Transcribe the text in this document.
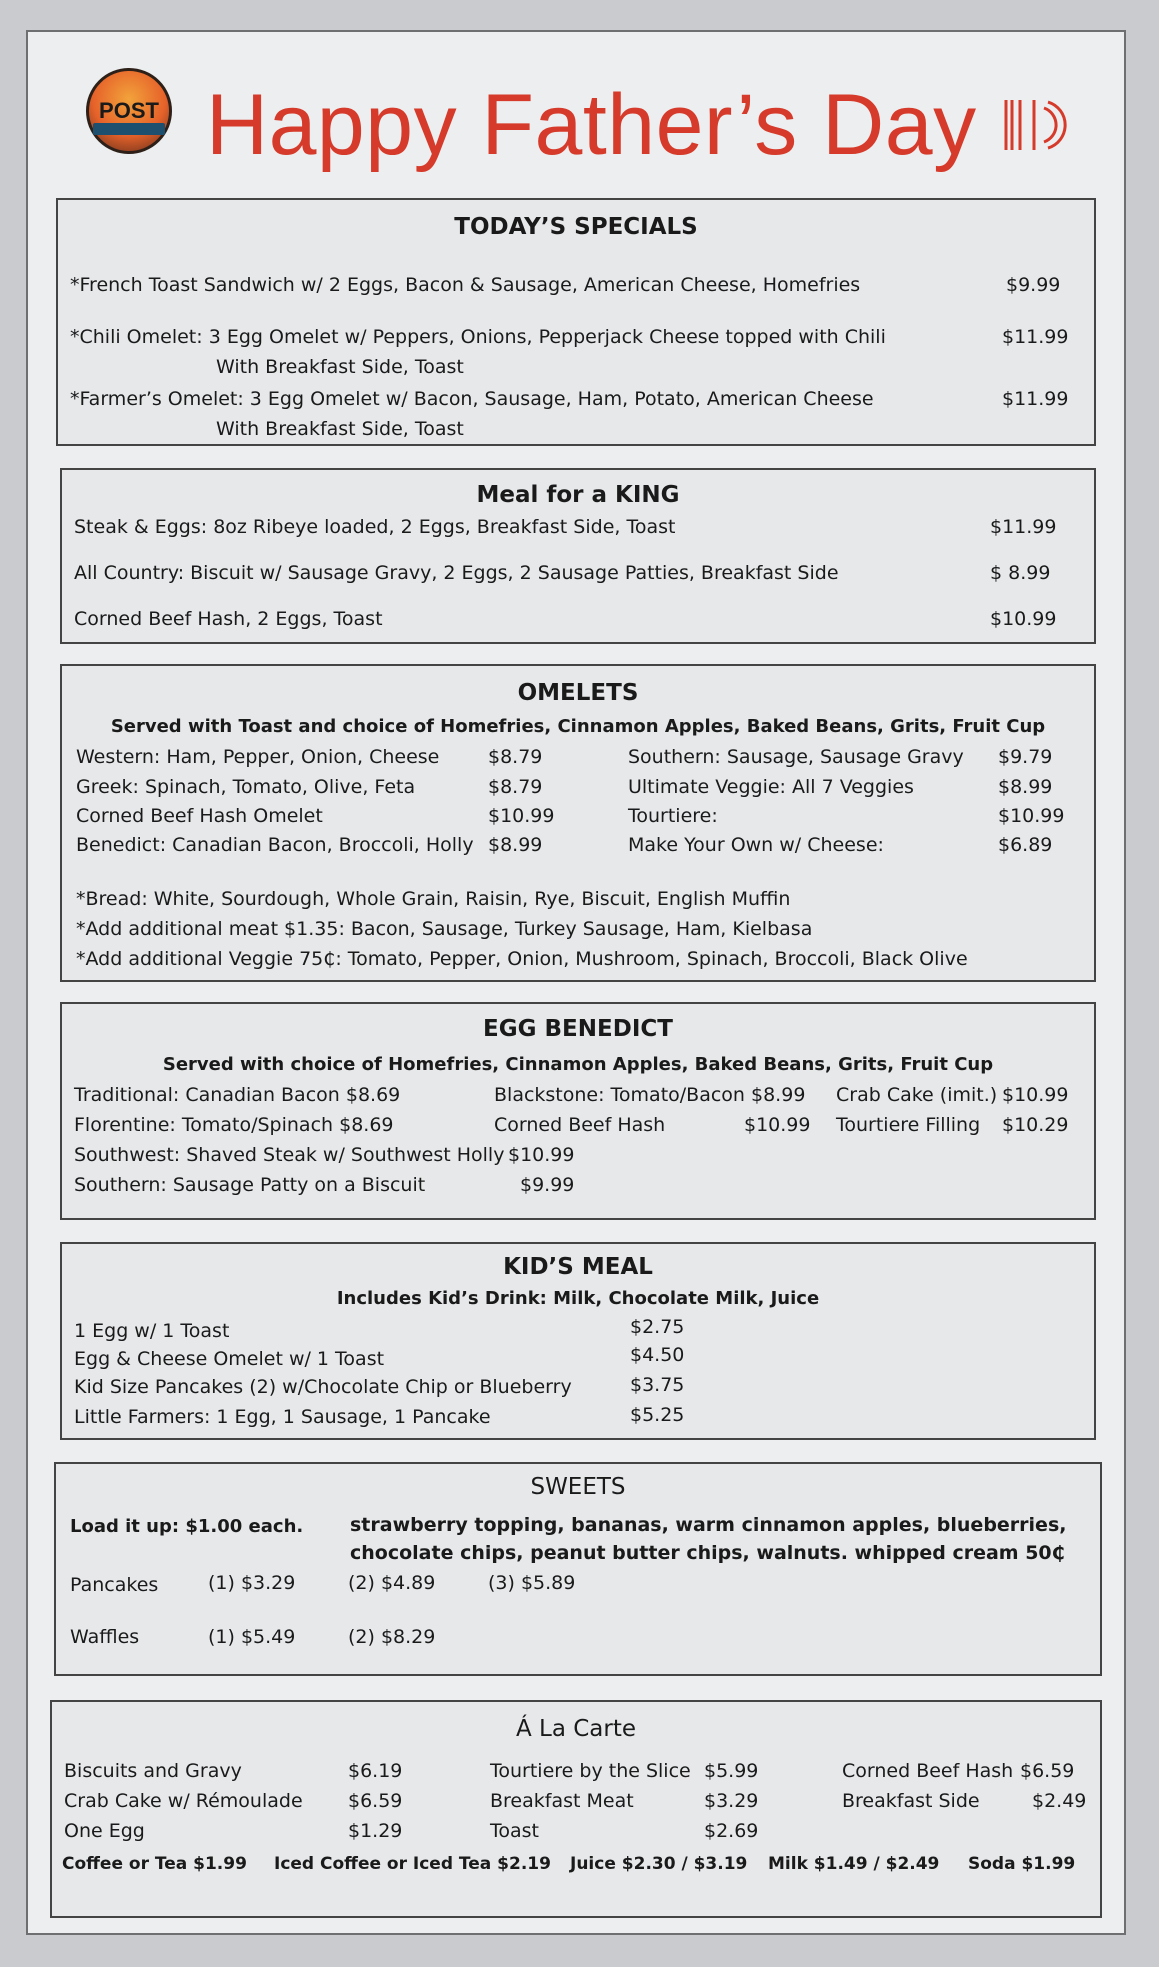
POST Happy Father’s Day
TODAY’S SPECIALS
*French Toast Sandwich w/ 2 Eggs, Bacon & Sausage, American Cheese, Homefries	$9.99
*Chili Omelet: 3 Egg Omelet w/ Peppers, Onions, Pepperjack Cheese topped with Chili	$11.99
With Breakfast Side, Toast
*Farmer’s Omelet: 3 Egg Omelet w/ Bacon, Sausage, Ham, Potato, American Cheese	$11.99
With Breakfast Side, Toast
Meal for a KING
Steak & Eggs: 8oz Ribeye loaded, 2 Eggs, Breakfast Side, Toast	$11.99
All Country: Biscuit w/ Sausage Gravy, 2 Eggs, 2 Sausage Patties, Breakfast Side	$ 8.99
Corned Beef Hash, 2 Eggs, Toast	$10.99
OMELETS
Served with Toast and choice of Homefries, Cinnamon Apples, Baked Beans, Grits, Fruit Cup
Western: Ham, Pepper, Onion, Cheese	$8.79
Greek: Spinach, Tomato, Olive, Feta	$8.79
Corned Beef Hash Omelet	$10.99
Benedict: Canadian Bacon, Broccoli, Holly $8.99
Southern: Sausage, Sausage Gravy $9.79
Ultimate Veggie: All 7 Veggies	$8.99
Tourtiere:	$10.99
Make Your Own w/ Cheese:	$6.89
*Bread: White, Sourdough, Whole Grain, Raisin, Rye, Biscuit, English Muffin
*Add additional meat $1.35: Bacon, Sausage, Turkey Sausage, Ham, Kielbasa
*Add additional Veggie 75₵: Tomato, Pepper, Onion, Mushroom, Spinach, Broccoli, Black Olive
EGG BENEDICT
Served with choice of Homefries, Cinnamon Apples, Baked Beans, Grits, Fruit Cup
Traditional: Canadian Bacon $8.69
Florentine: Tomato/Spinach $8.69
Southwest: Shaved Steak w/ Southwest Holly $10.99
Southern: Sausage Patty on a Biscuit	$9.99
Blackstone: Tomato/Bacon $8.99
Corned Beef Hash	$10.99
Crab Cake (imit.) $10.99
Tourtiere Filling $10.29
KID’S MEAL
Includes Kid’s Drink: Milk, Chocolate Milk, Juice
1 Egg w/ 1 Toast	$2.75
Egg & Cheese Omelet w/ 1 Toast	$4.50
Kid Size Pancakes (2) w/Chocolate Chip or Blueberry	$3.75
Little Farmers: 1 Egg, 1 Sausage, 1 Pancake	$5.25
SWEETS
Load it up: $1.00 each. strawberry topping, bananas, warm cinnamon apples, blueberries,
chocolate chips, peanut butter chips, walnuts. whipped cream 50₵
Pancakes	(1) $3.29	(2) $4.89	(3) $5.89
Waffles	(1) $5.49	(2) $8.29
Á La Carte
Biscuits and Gravy	$6.19
Crab Cake w/ Rémoulade $6.59
One Egg	$1.29
Tourtiere by the Slice $5.99
Breakfast Meat	$3.29
Toast	$2.69
Corned Beef Hash $6.59
Breakfast Side	$2.49
Coffee or Tea $1.99 Iced Coffee or Iced Tea $2.19 Juice $2.30 / $3.19 Milk $1.49 / $2.49 Soda $1.99
